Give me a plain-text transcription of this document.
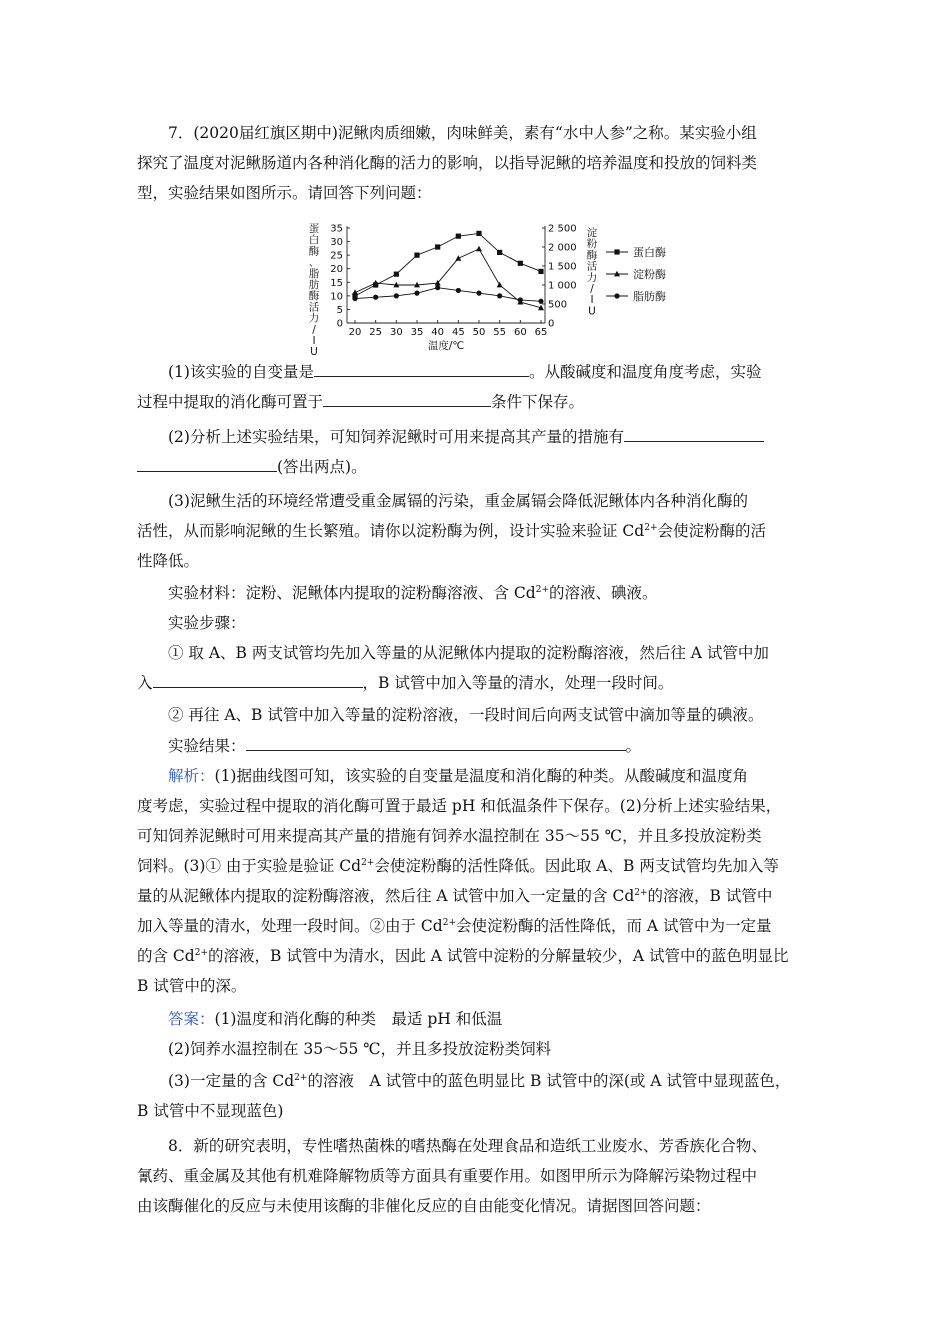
7．(2020届红旗区期中)泥鳅肉质细嫩，肉味鲜美，素有“水中人参”之称。某实验小组
探究了温度对泥鳅肠道内各种消化酶的活力的影响，以指导泥鳅的培养温度和投放的饲料类
型，实验结果如图所示。请回答下列问题：
0
5
10
15
20
25
30
35
0
500
1 000
1 500
2 000
2 500
20 25 30 35 40 45 50 55 60 65
温度/℃
蛋白酶、脂肪酶活力/ I U
淀粉酶活力/ I U
蛋白酶
淀粉酶
脂肪酶
(1)该实验的自变量是	。从酸碱度和温度角度考虑，实验
过程中提取的消化酶可置于	条件下保存。
(2)分析上述实验结果，可知饲养泥鳅时可用来提高其产量的措施有
(答出两点)。
(3)泥鳅生活的环境经常遭受重金属镉的污染，重金属镉会降低泥鳅体内各种消化酶的
活性，从而影响泥鳅的生长繁殖。请你以淀粉酶为例，设计实验来验证 $Cd^{2+}$会使淀粉酶的活
性降低。
实验材料：淀粉、泥鳅体内提取的淀粉酶溶液、含 $Cd^{2+}$的溶液、碘液。
实验步骤：
① 取 A、B 两支试管均先加入等量的从泥鳅体内提取的淀粉酶溶液，然后往 A 试管中加
入	，B 试管中加入等量的清水，处理一段时间。
② 再往 A、B 试管中加入等量的淀粉溶液，一段时间后向两支试管中滴加等量的碘液。
实验结果：	。
解析：(1)据曲线图可知，该实验的自变量是温度和消化酶的种类。从酸碱度和温度角
度考虑，实验过程中提取的消化酶可置于最适 pH 和低温条件下保存。(2)分析上述实验结果，
可知饲养泥鳅时可用来提高其产量的措施有饲养水温控制在 35～55 ℃，并且多投放淀粉类
饲料。(3)① 由于实验是验证 $Cd^{2+}$会使淀粉酶的活性降低。因此取 A、B 两支试管均先加入等
量的从泥鳅体内提取的淀粉酶溶液，然后往 A 试管中加入一定量的含 $Cd^{2+}$的溶液，B 试管中
加入等量的清水，处理一段时间。②由于 $Cd^{2+}$会使淀粉酶的活性降低，而 A 试管中为一定量
的含 $Cd^{2+}$的溶液，B 试管中为清水，因此 A 试管中淀粉的分解量较少，A 试管中的蓝色明显比
B 试管中的深。
答案：(1)温度和消化酶的种类　最适 pH 和低温
(2)饲养水温控制在 35～55 ℃，并且多投放淀粉类饲料
(3)一定量的含 $Cd^{2+}$的溶液　A 试管中的蓝色明显比 B 试管中的深(或 A 试管中显现蓝色，
B 试管中不显现蓝色)
8．新的研究表明，专性嗜热菌株的嗜热酶在处理食品和造纸工业废水、芳香族化合物、
氰药、重金属及其他有机难降解物质等方面具有重要作用。如图甲所示为降解污染物过程中
由该酶催化的反应与未使用该酶的非催化反应的自由能变化情况。请据图回答问题：
